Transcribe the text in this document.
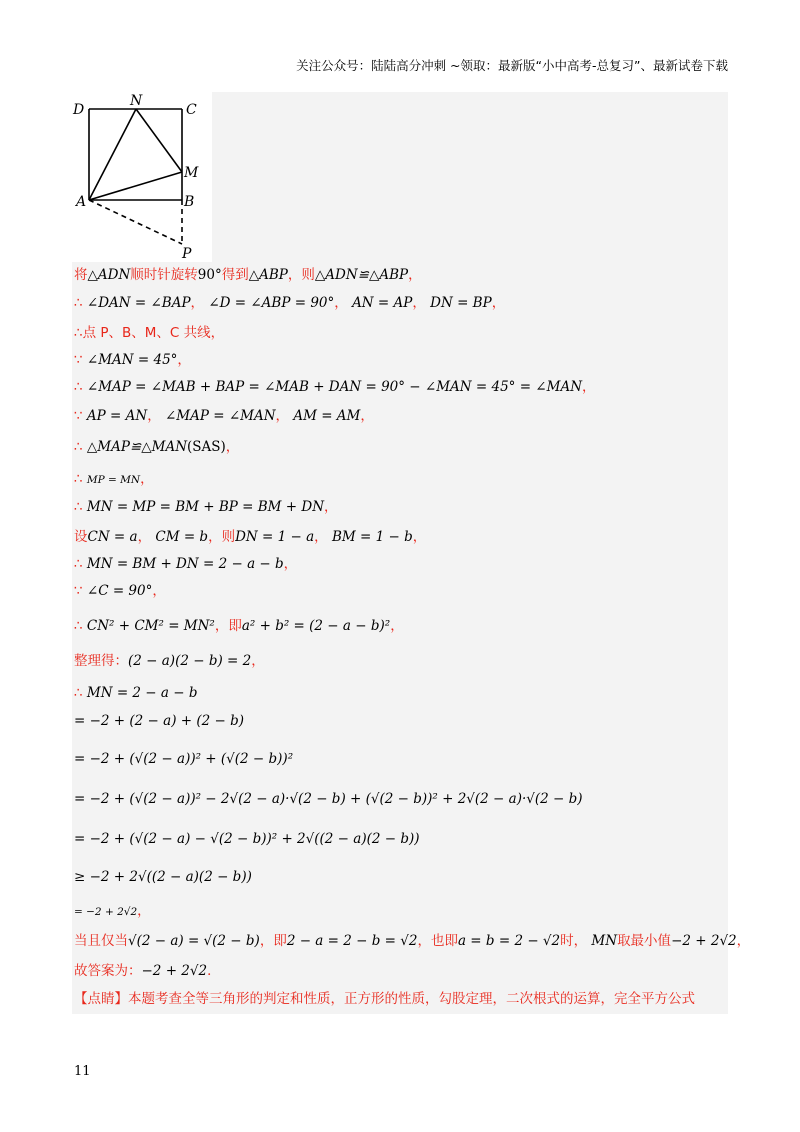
关注公众号：陆陆高分冲刺 ~领取：最新版“小中高考-总复习”、最新试卷下载
D
N
C
M
A	B
P
将△ADN顺时针旋转90°得到△ABP，则△ADN≌△ABP，
∴ ∠DAN = ∠BAP， ∠D = ∠ABP = 90°， AN = AP， DN = BP，
∴点 P、B、M、C 共线，
∵ ∠MAN = 45°，
∴ ∠MAP = ∠MAB + BAP = ∠MAB + DAN = 90° − ∠MAN = 45° = ∠MAN，
∵ AP = AN， ∠MAP = ∠MAN， AM = AM，
∴ △MAP≌△MAN(SAS)，
∴ MP = MN，
∴ MN = MP = BM + BP = BM + DN，
设CN = a， CM = b，则DN = 1 − a， BM = 1 − b，
∴ MN = BM + DN = 2 − a − b，
∵ ∠C = 90°，
∴ CN² + CM² = MN²，即a² + b² = (2 − a − b)²，
整理得：(2 − a)(2 − b) = 2，
∴ MN = 2 − a − b
= −2 + (2 − a) + (2 − b)
= −2 + (√(2 − a))² + (√(2 − b))²
= −2 + (√(2 − a))² − 2√(2 − a)·√(2 − b) + (√(2 − b))² + 2√(2 − a)·√(2 − b)
= −2 + (√(2 − a) − √(2 − b))² + 2√((2 − a)(2 − b))
≥ −2 + 2√((2 − a)(2 − b))
= −2 + 2√2，
当且仅当√(2 − a) = √(2 − b)，即2 − a = 2 − b = √2，也即a = b = 2 − √2时， MN取最小值−2 + 2√2，
故答案为：−2 + 2√2．
【点睛】本题考查全等三角形的判定和性质，正方形的性质，勾股定理，二次根式的运算，完全平方公式
11
